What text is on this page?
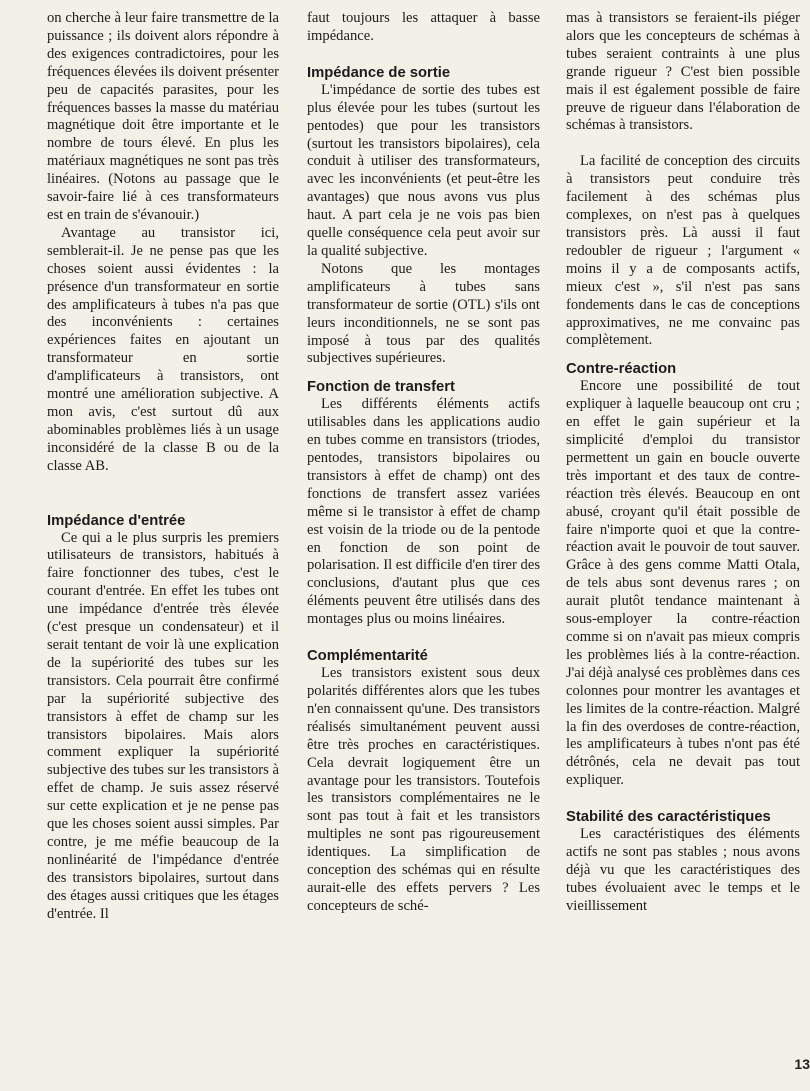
on cherche à leur faire transmettre de la puissance ; ils doivent alors répondre à des exigences contradictoires, pour les fréquences élevées ils doivent présenter peu de capacités parasites, pour les fréquences basses la masse du matériau magnétique doit être importante et le nombre de tours élevé. En plus les matériaux magnétiques ne sont pas très linéaires. (Notons au passage que le savoir-faire lié à ces transformateurs est en train de s'évanouir.)

Avantage au transistor ici, semblerait-il. Je ne pense pas que les choses soient aussi évidentes : la présence d'un transformateur en sortie des amplificateurs à tubes n'a pas que des inconvénients : certaines expériences faites en ajoutant un transformateur en sortie d'amplificateurs à transistors, ont montré une amélioration subjective. A mon avis, c'est surtout dû aux abominables problèmes liés à un usage inconsidéré de la classe B ou de la classe AB.

Impédance d'entrée

Ce qui a le plus surpris les premiers utilisateurs de transistors, habitués à faire fonctionner des tubes, c'est le courant d'entrée. En effet les tubes ont une impédance d'entrée très élevée (c'est presque un condensateur) et il serait tentant de voir là une explication de la supériorité des tubes sur les transistors. Cela pourrait être confirmé par la supériorité subjective des transistors à effet de champ sur les transistors bipolaires. Mais alors comment expliquer la supériorité subjective des tubes sur les transistors à effet de champ. Je suis assez réservé sur cette explication et je ne pense pas que les choses soient aussi simples. Par contre, je me méfie beaucoup de la nonlinéarité de l'impédance d'entrée des transistors bipolaires, surtout dans des étages aussi critiques que les étages d'entrée. Il

faut toujours les attaquer à basse impédance.

Impédance de sortie

L'impédance de sortie des tubes est plus élevée pour les tubes (surtout les pentodes) que pour les transistors (surtout les transistors bipolaires), cela conduit à utiliser des transformateurs, avec les inconvénients (et peut-être les avantages) que nous avons vus plus haut. A part cela je ne vois pas bien quelle conséquence cela peut avoir sur la qualité subjective.

Notons que les montages amplificateurs à tubes sans transformateur de sortie (OTL) s'ils ont leurs inconditionnels, ne se sont pas imposé à tous par des qualités subjectives supérieures.

Fonction de transfert

Les différents éléments actifs utilisables dans les applications audio en tubes comme en transistors (triodes, pentodes, transistors bipolaires ou transistors à effet de champ) ont des fonctions de transfert assez variées même si le transistor à effet de champ est voisin de la triode ou de la pentode en fonction de son point de polarisation. Il est difficile d'en tirer des conclusions, d'autant plus que ces éléments peuvent être utilisés dans des montages plus ou moins linéaires.

Complémentarité

Les transistors existent sous deux polarités différentes alors que les tubes n'en connaissent qu'une. Des transistors réalisés simultanément peuvent aussi être très proches en caractéristiques. Cela devrait logiquement être un avantage pour les transistors. Toutefois les transistors complémentaires ne le sont pas tout à fait et les transistors multiples ne sont pas rigoureusement identiques. La simplification de conception des schémas qui en résulte aurait-elle des effets pervers ? Les concepteurs de sché-

mas à transistors se feraient-ils piéger alors que les concepteurs de schémas à tubes seraient contraints à une plus grande rigueur ? C'est bien possible mais il est également possible de faire preuve de rigueur dans l'élaboration de schémas à transistors.

La facilité de conception des circuits à transistors peut conduire très facilement à des schémas plus complexes, on n'est pas à quelques transistors près. Là aussi il faut redoubler de rigueur ; l'argument « moins il y a de composants actifs, mieux c'est », s'il n'est pas sans fondements dans le cas de conceptions approximatives, ne me convainc pas complètement.

Contre-réaction

Encore une possibilité de tout expliquer à laquelle beaucoup ont cru ; en effet le gain supérieur et la simplicité d'emploi du transistor permettent un gain en boucle ouverte très important et des taux de contre-réaction très élevés. Beaucoup en ont abusé, croyant qu'il était possible de faire n'importe quoi et que la contre-réaction avait le pouvoir de tout sauver. Grâce à des gens comme Matti Otala, de tels abus sont devenus rares ; on aurait plutôt tendance maintenant à sous-employer la contre-réaction comme si on n'avait pas mieux compris les problèmes liés à la contre-réaction. J'ai déjà analysé ces problèmes dans ces colonnes pour montrer les avantages et les limites de la contre-réaction. Malgré la fin des overdoses de contre-réaction, les amplificateurs à tubes n'ont pas été détrônés, cela ne devait pas tout expliquer.

Stabilité des caractéristiques

Les caractéristiques des éléments actifs ne sont pas stables ; nous avons déjà vu que les caractéristiques des tubes évoluaient avec le temps et le vieillissement

13
